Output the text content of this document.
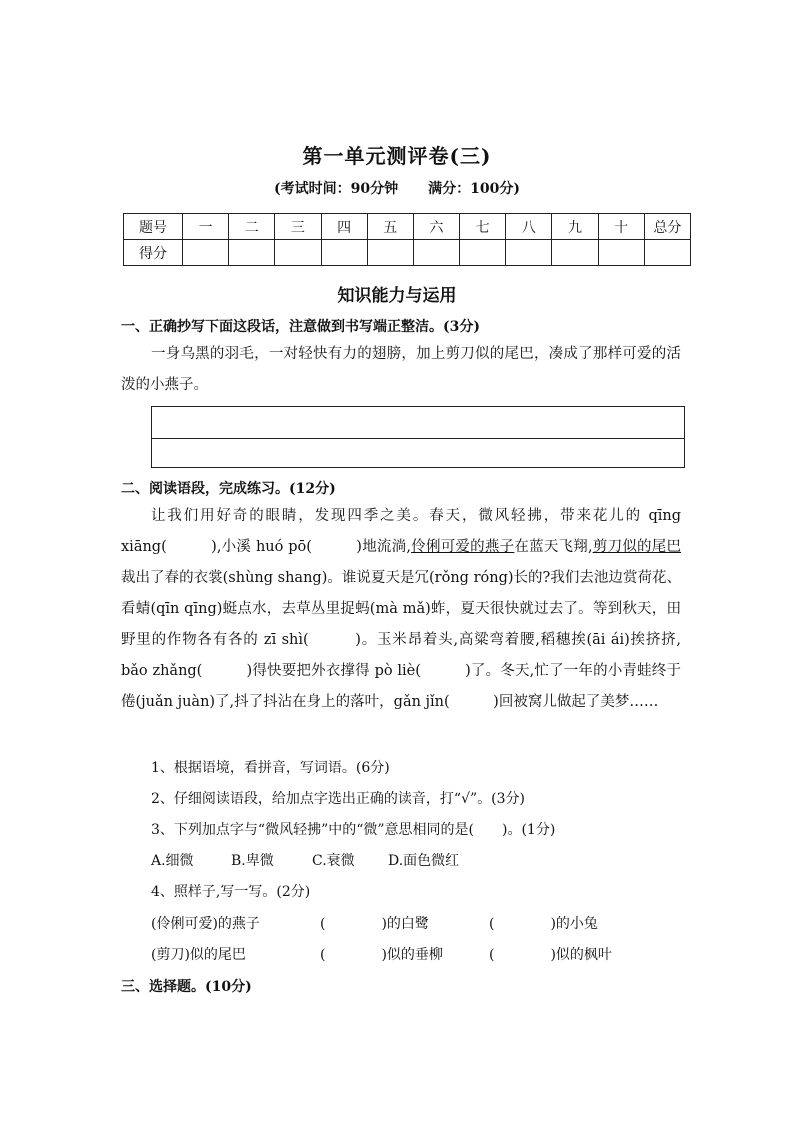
第一单元测评卷(三)
(考试时间：90分钟 满分：100分)
题号	一	二	三	四	五	六	七	八	九	十	总分
得分											
知识能力与运用
一、正确抄写下面这段话，注意做到书写端正整洁。(3分)
一身乌黑的羽毛，一对轻快有力的翅膀，加上剪刀似的尾巴，凑成了那样可爱的活泼的小燕子。
二、阅读语段，完成练习。(12分)
让我们用好奇的眼睛，发现四季之美。春天，微风轻拂，带来花儿的 qīng xiāng(　　　),小溪 huó pō(　　　)地流淌,伶俐可爱的燕子在蓝天飞翔,剪刀似的尾巴裁出了春的衣裳(shùng shang)。谁说夏天是冗(rǒng róng)长的?我们去池边赏荷花、看蜻(qīn qīng)蜓点水，去草丛里捉蚂(mà mǎ)蚱，夏天很快就过去了。等到秋天，田野里的作物各有各的 zī shì(　　　)。玉米昂着头,高粱弯着腰,稻穗挨(āi ái)挨挤挤, bǎo zhǎng(　　　)得快要把外衣撑得 pò liè(　　　)了。冬天,忙了一年的小青蛙终于倦(juǎn juàn)了,抖了抖沾在身上的落叶，gǎn jǐn(　　　)回被窝儿做起了美梦……
1、根据语境，看拼音，写词语。(6分)
2、仔细阅读语段，给加点字选出正确的读音，打“√”。(3分)
3、下列加点字与“微风轻拂”中的“微”意思相同的是(　　)。(1分)
A.细微	B.卑微	C.衰微 D.面色微红
4、照样子,写一写。(2分)
(伶俐可爱)的燕子	(　　　　)的白鹭	(　　　　)的小兔
(剪刀)似的尾巴	(　　　　)似的垂柳	(　　　　)似的枫叶
三、选择题。(10分)
